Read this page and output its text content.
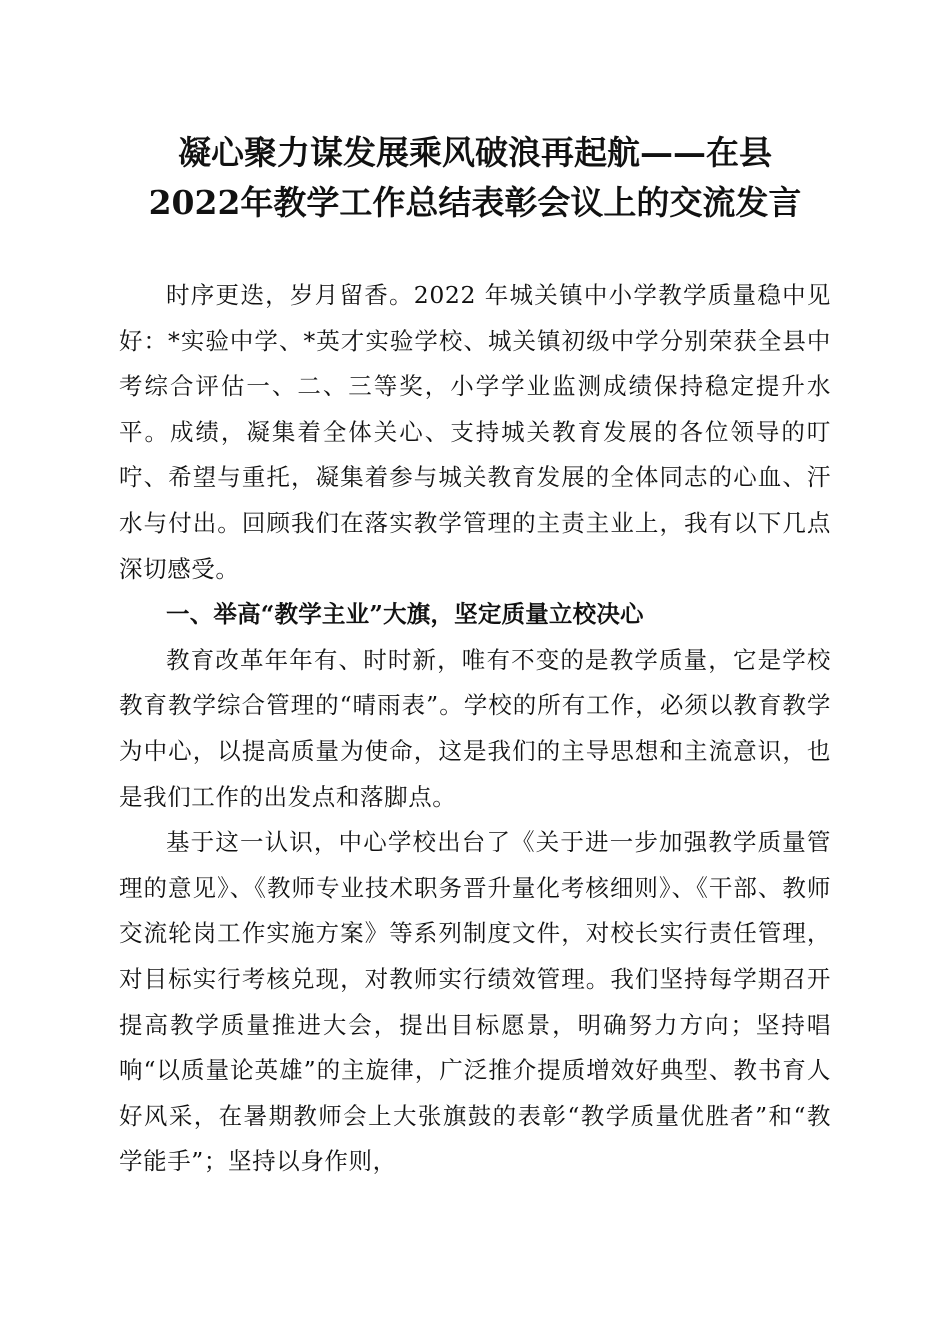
凝心聚力谋发展乘风破浪再起航——在县
2022年教学工作总结表彰会议上的交流发言

时序更迭，岁月留香。2022 年城关镇中小学教学质量稳中见好：*实验中学、*英才实验学校、城关镇初级中学分别荣获全县中考综合评估一、二、三等奖，小学学业监测成绩保持稳定提升水平。成绩，凝集着全体关心、支持城关教育发展的各位领导的叮咛、希望与重托，凝集着参与城关教育发展的全体同志的心血、汗水与付出。回顾我们在落实教学管理的主责主业上，我有以下几点深切感受。

一、举高“教学主业”大旗，坚定质量立校决心

教育改革年年有、时时新，唯有不变的是教学质量，它是学校教育教学综合管理的“晴雨表”。学校的所有工作，必须以教育教学为中心，以提高质量为使命，这是我们的主导思想和主流意识，也是我们工作的出发点和落脚点。

基于这一认识，中心学校出台了《关于进一步加强教学质量管理的意见》、《教师专业技术职务晋升量化考核细则》、《干部、教师交流轮岗工作实施方案》等系列制度文件，对校长实行责任管理，对目标实行考核兑现，对教师实行绩效管理。我们坚持每学期召开提高教学质量推进大会，提出目标愿景，明确努力方向；坚持唱响“以质量论英雄”的主旋律，广泛推介提质增效好典型、教书育人好风采，在暑期教师会上大张旗鼓的表彰“教学质量优胜者”和“教学能手”；坚持以身作则，
